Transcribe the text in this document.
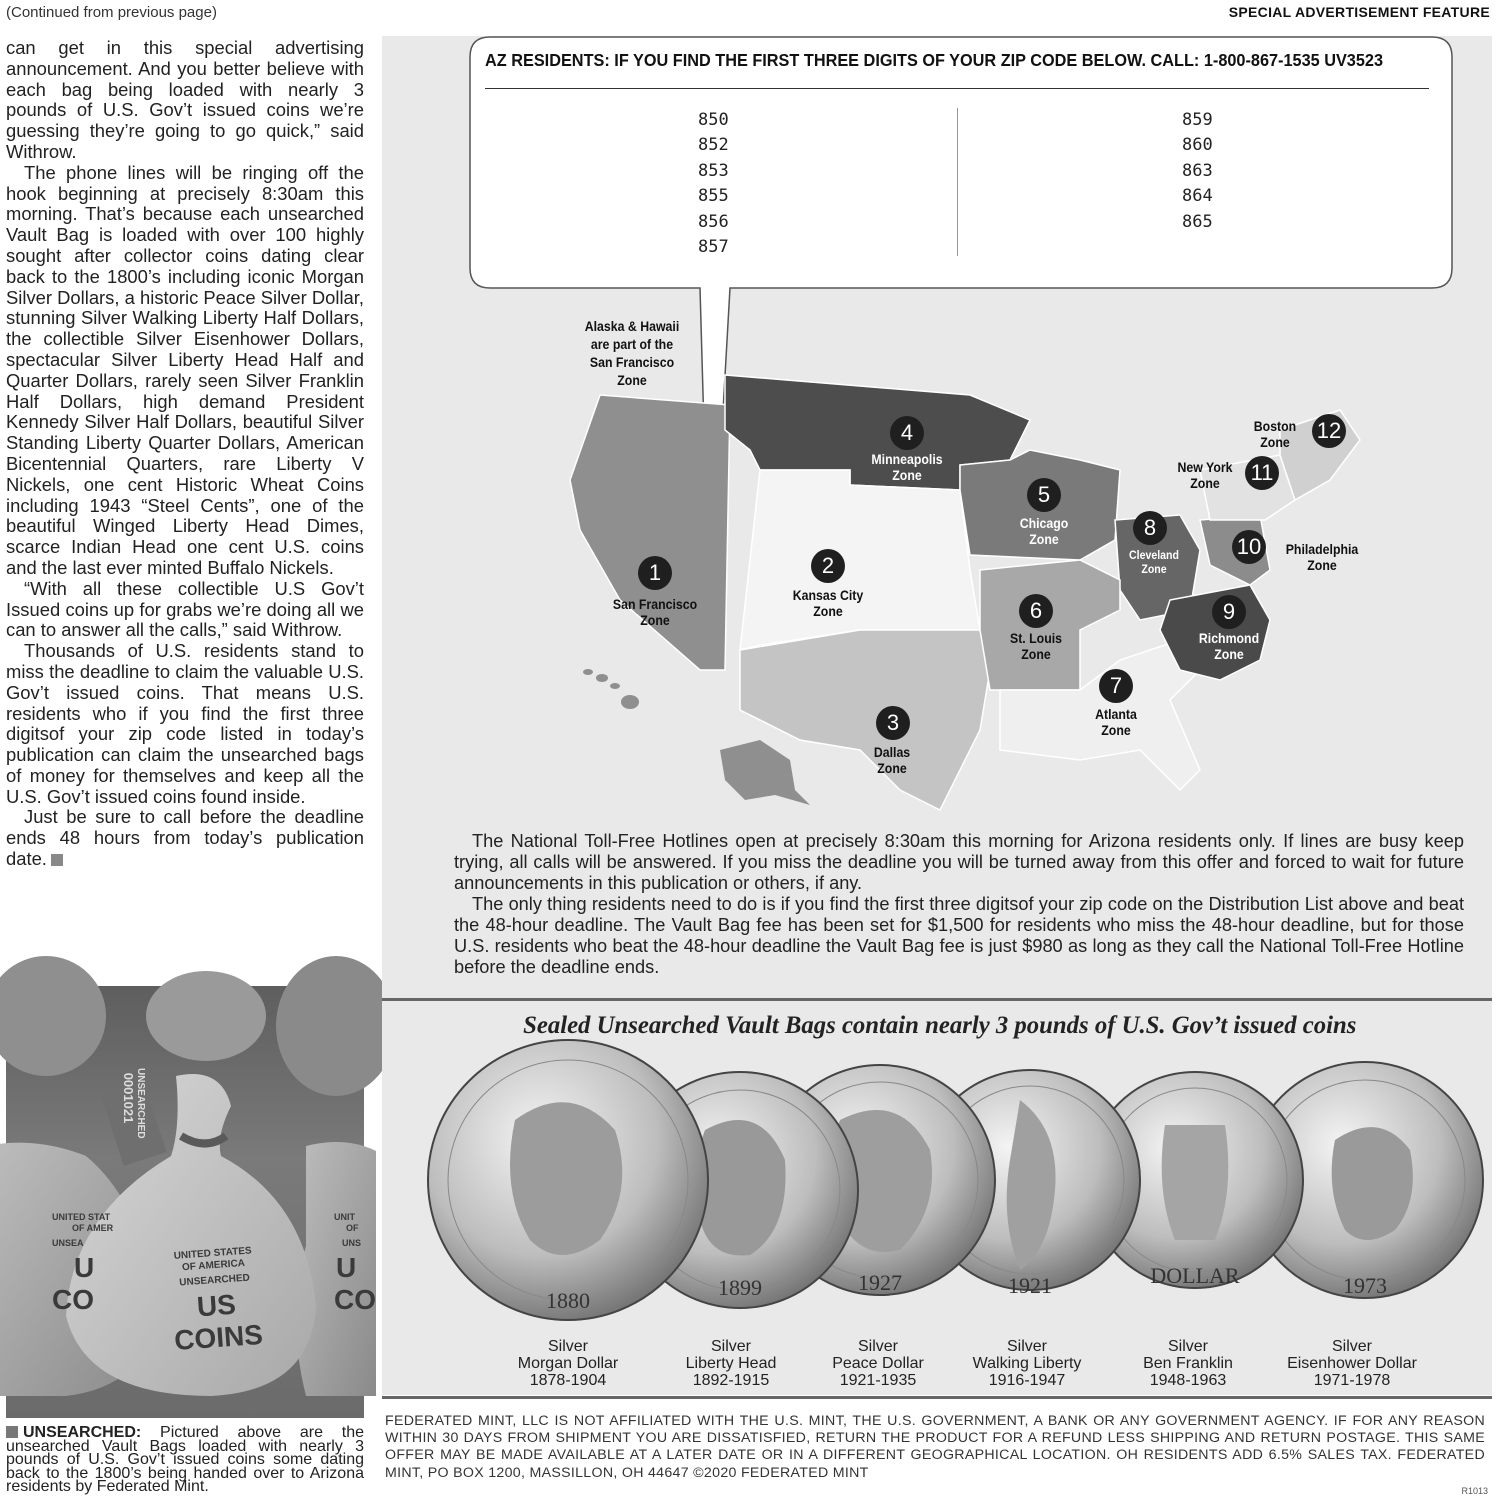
(Continued from previous page)	SPECIAL ADVERTISEMENT FEATURE

can get in this special advertising announcement. And you better believe with each bag being loaded with nearly 3 pounds of U.S. Gov’t issued coins we’re guessing they’re going to go quick,” said Withrow.

The phone lines will be ringing off the hook beginning at precisely 8:30am this morning. That’s because each unsearched Vault Bag is loaded with over 100 highly sought after collector coins dating clear back to the 1800’s including iconic Morgan Silver Dollars, a historic Peace Silver Dollar, stunning Silver Walking Liberty Half Dollars, the collectible Silver Eisenhower Dollars, spectacular Silver Liberty Head Half and Quarter Dollars, rarely seen Silver Franklin Half Dollars, high demand President Kennedy Silver Half Dollars, beautiful Silver Standing Liberty Quarter Dollars, American Bicentennial Quarters, rare Liberty V Nickels, one cent Historic Wheat Coins including 1943 “Steel Cents”, one of the beautiful Winged Liberty Head Dimes, scarce Indian Head one cent U.S. coins and the last ever minted Buffalo Nickels.

“With all these collectible U.S Gov’t Issued coins up for grabs we’re doing all we can to answer all the calls,” said Withrow.

Thousands of U.S. residents stand to miss the deadline to claim the valuable U.S. Gov’t issued coins. That means U.S. residents who if you find the first three digitsof your zip code listed in today’s publication can claim the unsearched bags of money for themselves and keep all the U.S. Gov’t issued coins found inside.

Just be sure to call before the deadline ends 48 hours from today’s publication date.

UNSEARCHED
0001021
UNITED STATES
OF AMERICA
UNSEARCHED
US
COINS
UNITED STAT
OF AMER
UNSEA
U
CO
UNIT
OF
UNS
U
CO
UNSEARCHED: Pictured above are the unsearched Vault Bags loaded with nearly 3 pounds of U.S. Gov’t issued coins some dating back to the 1800’s being handed over to Arizona residents by Federated Mint.
AZ RESIDENTS: IF YOU FIND THE FIRST THREE DIGITS OF YOUR ZIP CODE BELOW. CALL: 1-800-867-1535 UV3523
850
852
853
855
856
857
859
860
863
864
865
Alaska & Hawaii
are part of the
San Francisco
Zone
1
San Francisco
Zone
2
Kansas City
Zone
3
Dallas
Zone
4
Minneapolis
Zone
5
Chicago
Zone
6
St. Louis
Zone
7
Atlanta
Zone
8
Cleveland
Zone
9
Richmond
Zone
10	Philadelphia
Zone
11
New York
Zone
12
Boston
Zone

The National Toll-Free Hotlines open at precisely 8:30am this morning for Arizona residents only. If lines are busy keep trying, all calls will be answered. If you miss the deadline you will be turned away from this offer and forced to wait for future announcements in this publication or others, if any.

The only thing residents need to do is if you find the first three digitsof your zip code on the Distribution List above and beat the 48-hour deadline. The Vault Bag fee has been set for $1,500 for residents who miss the 48-hour deadline, but for those U.S. residents who beat the 48-hour deadline the Vault Bag fee is just $980 as long as they call the National Toll-Free Hotline before the deadline ends.

Sealed Unsearched Vault Bags contain nearly 3 pounds of U.S. Gov’t issued coins
1880
1899	1927	1921	DOLLAR	1973
Silver
Morgan Dollar
1878-1904
Silver
Liberty Head
1892-1915
Silver
Peace Dollar
1921-1935
Silver
Walking Liberty
1916-1947
Silver
Ben Franklin
1948-1963
Silver
Eisenhower Dollar
1971-1978
FEDERATED MINT, LLC IS NOT AFFILIATED WITH THE U.S. MINT, THE U.S. GOVERNMENT, A BANK OR ANY GOVERNMENT AGENCY. IF FOR ANY REASON WITHIN 30 DAYS FROM SHIPMENT YOU ARE DISSATISFIED, RETURN THE PRODUCT FOR A REFUND LESS SHIPPING AND RETURN POSTAGE. THIS SAME OFFER MAY BE MADE AVAILABLE AT A LATER DATE OR IN A DIFFERENT GEOGRAPHICAL LOCATION. OH RESIDENTS ADD 6.5% SALES TAX. FEDERATED MINT, PO BOX 1200, MASSILLON, OH 44647 ©2020 FEDERATED MINT
R1013
